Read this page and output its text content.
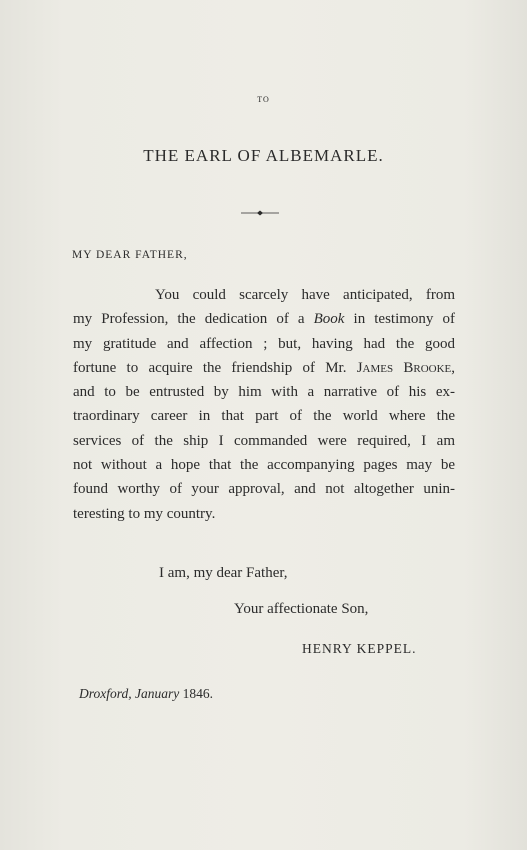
TO
THE EARL OF ALBEMARLE.
MY DEAR FATHER,
You could scarcely have anticipated, from
my Profession, the dedication of a Book in testimony of
my gratitude and affection ; but, having had the good
fortune to acquire the friendship of Mr. James Brooke,
and to be entrusted by him with a narrative of his ex-
traordinary career in that part of the world where the
services of the ship I commanded were required, I am
not without a hope that the accompanying pages may be
found worthy of your approval, and not altogether unin-
teresting to my country.
I am, my dear Father,
Your affectionate Son,
HENRY KEPPEL.
Droxford, January 1846.
